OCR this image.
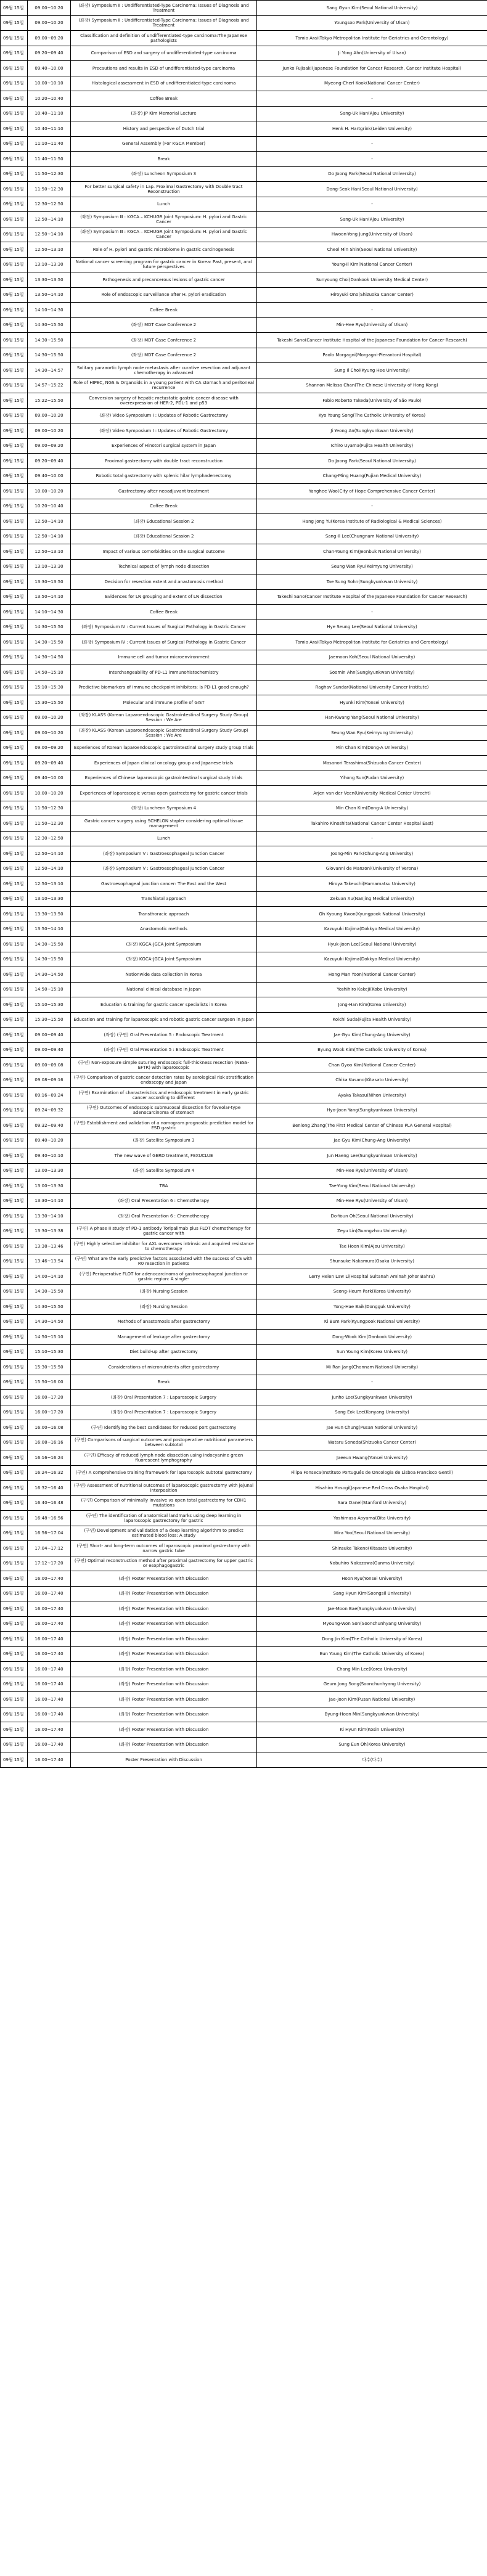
09월 15일	09:00~10:20	(좌장) Symposium Ⅱ : Undifferentiated-Type Carcinoma: Issues of Diagnosis and Treatment	Sang Gyun Kim(Seoul National University)
09월 15일	09:00~10:20	(좌장) Symposium Ⅱ : Undifferentiated-Type Carcinoma: Issues of Diagnosis and Treatment	Youngsoo Park(University of Ulsan)
09월 15일	09:00~09:20	Classification and definition of undifferentiated-type carcinoma:The Japanese pathologists	Tomio Arai(Tokyo Metropolitan Institute for Geriatrics and Gerontology)
09월 15일	09:20~09:40	Comparison of ESD and surgery of undifferentiated-type carcinoma	Ji Yong Ahn(University of Ulsan)
09월 15일	09:40~10:00	Precautions and results in ESD of undifferentiated-type carcinoma	Junko Fujisaki(Japanese Foundation for Cancer Research, Cancer Institute Hospital)
09월 15일	10:00~10:10	Histological assessment in ESD of undifferentiated-type carcinoma	Myeong-Cherl Kook(National Cancer Center)
09월 15일	10:20~10:40	Coffee Break	-
09월 15일	10:40~11:10	(좌장) JP Kim Memorial Lecture	Sang-Uk Han(Ajou University)
09월 15일	10:40~11:10	History and perspective of Dutch trial	Henk H. Hartgrink(Leiden University)
09월 15일	11:10~11:40	General Assembly (For KGCA Member)	-
09월 15일	11:40~11:50	Break	-
09월 15일	11:50~12:30	(좌장) Luncheon Symposium 3	Do Joong Park(Seoul National University)
09월 15일	11:50~12:30	For better surgical safety in Lap. Proximal Gastrectomy with Double tract Reconstruction	Dong-Seok Han(Seoul National University)
09월 15일	12:30~12:50	Lunch	-
09월 15일	12:50~14:10	(좌장) Symposium Ⅲ : KGCA – KCHUGR Joint Symposium: H. pylori and Gastric Cancer	Sang-Uk Han(Ajou University)
09월 15일	12:50~14:10	(좌장) Symposium Ⅲ : KGCA – KCHUGR Joint Symposium: H. pylori and Gastric Cancer	Hwoon-Yong Jung(University of Ulsan)
09월 15일	12:50~13:10	Role of H. pylori and gastric microbiome in gastric carcinogenesis	Cheol Min Shin(Seoul National University)
09월 15일	13:10~13:30	National cancer screening program for gastric cancer in Korea: Past, present, and future perspectives	Young-Il Kim(National Cancer Center)
09월 15일	13:30~13:50	Pathogenesis and precancerous lesions of gastric cancer	Sunyoung Choi(Dankook University Medical Center)
09월 15일	13:50~14:10	Role of endoscopic surveillance after H. pylori eradication	Hiroyuki Ono(Shizuoka Cancer Center)
09월 15일	14:10~14:30	Coffee Break	-
09월 15일	14:30~15:50	(좌장) MDT Case Conference 2	Min-Hee Ryu(University of Ulsan)
09월 15일	14:30~15:50	(좌장) MDT Case Conference 2	Takeshi Sano(Cancer Institute Hospital of the Japanese Foundation for Cancer Research)
09월 15일	14:30~15:50	(좌장) MDT Case Conference 2	Paolo Morgagni(Morgagni-Pierantoni Hospital)
09월 15일	14:30~14:57	Solitary paraaortic lymph node metastasis after curative resection and adjuvant chemotherapy in advanced	Sung Il Choi(Kyung Hee University)
09월 15일	14:57~15:22	Role of HIPEC, NGS & Organoids in a young patient with CA stomach and peritoneal recurrence	Shannon Melissa Chan(The Chinese University of Hong Kong)
09월 15일	15:22~15:50	Conversion surgery of hepatic metastatic gastric cancer disease with overexpression of HER-2, PDL-1 and p53	Fabio Roberto Takeda(University of São Paulo)
09월 15일	09:00~10:20	(좌장) Video Symposium Ⅰ : Updates of Robotic Gastrectomy	Kyo Young Song(The Catholic University of Korea)
09월 15일	09:00~10:20	(좌장) Video Symposium Ⅰ : Updates of Robotic Gastrectomy	Ji Yeong An(Sungkyunkwan University)
09월 15일	09:00~09:20	Experiences of Hinotori surgical system in Japan	Ichiro Uyama(Fujita Health University)
09월 15일	09:20~09:40	Proximal gastrectomy with double tract reconstruction	Do Joong Park(Seoul National University)
09월 15일	09:40~10:00	Robotic total gastrectomy with splenic hilar lymphadenectomy	Chang-Ming Huang(Fujian Medical University)
09월 15일	10:00~10:20	Gastrectomy after neoadjuvant treatment	Yanghee Woo(City of Hope Comprehensive Cancer Center)
09월 15일	10:20~10:40	Coffee Break	-
09월 15일	12:50~14:10	(좌장) Educational Session 2	Hang Jong Yu(Korea Institute of Radiological & Medical Sciences)
09월 15일	12:50~14:10	(좌장) Educational Session 2	Sang-Il Lee(Chungnam National University)
09월 15일	12:50~13:10	Impact of various comorbidities on the surgical outcome	Chan-Young Kim(Jeonbuk National University)
09월 15일	13:10~13:30	Technical aspect of lymph node dissection	Seung Wan Ryu(Keimyung University)
09월 15일	13:30~13:50	Decision for resection extent and anastomosis method	Tae Sung Sohn(Sungkyunkwan University)
09월 15일	13:50~14:10	Evidences for LN grouping and extent of LN dissection	Takeshi Sano(Cancer Institute Hospital of the Japanese Foundation for Cancer Research)
09월 15일	14:10~14:30	Coffee Break	-
09월 15일	14:30~15:50	(좌장) Symposium Ⅳ : Current Issues of Surgical Pathology in Gastric Cancer	Hye Seung Lee(Seoul National University)
09월 15일	14:30~15:50	(좌장) Symposium Ⅳ : Current Issues of Surgical Pathology in Gastric Cancer	Tomio Arai(Tokyo Metropolitan Institute for Geriatrics and Gerontology)
09월 15일	14:30~14:50	Immune cell and tumor microenvironment	Jaemoon Koh(Seoul National University)
09월 15일	14:50~15:10	Interchangeability of PD-L1 immunohistochemistry	Soomin Ahn(Sungkyunkwan University)
09월 15일	15:10~15:30	Predictive biomarkers of immune checkpoint inhibitors: Is PD-L1 good enough?	Raghav Sundar(National University Cancer Institute)
09월 15일	15:30~15:50	Molecular and immune profile of GIST	Hyunki Kim(Yonsei University)
09월 15일	09:00~10:20	(좌장) KLASS (Korean Laparoendoscopic Gastrointestinal Surgery Study Group) Session : We Are	Han-Kwang Yang(Seoul National University)
09월 15일	09:00~10:20	(좌장) KLASS (Korean Laparoendoscopic Gastrointestinal Surgery Study Group) Session : We Are	Seung Wan Ryu(Keimyung University)
09월 15일	09:00~09:20	Experiences of Korean laparoendoscopic gastrointestinal surgery study group trials	Min Chan Kim(Dong-A University)
09월 15일	09:20~09:40	Experiences of Japan clinical oncology group and Japanese trials	Masanori Terashima(Shizuoka Cancer Center)
09월 15일	09:40~10:00	Experiences of Chinese laparoscopic gastrointestinal surgical study trials	Yihong Sun(Fudan University)
09월 15일	10:00~10:20	Experiences of laparoscopic versus open gastrectomy for gastric cancer trials	Arjen van der Veen(University Medical Center Utrecht)
09월 15일	11:50~12:30	(좌장) Luncheon Symposium 4	Min Chan Kim(Dong-A University)
09월 15일	11:50~12:30	Gastric cancer surgery using SCHELON stapler considering optimal tissue management	Takahiro Kinoshita(National Cancer Center Hospital East)
09월 15일	12:30~12:50	Lunch	-
09월 15일	12:50~14:10	(좌장) Symposium Ⅴ : Gastroesophageal Junction Cancer	Joong-Min Park(Chung-Ang University)
09월 15일	12:50~14:10	(좌장) Symposium Ⅴ : Gastroesophageal Junction Cancer	Giovanni de Manzoni(University of Verona)
09월 15일	12:50~13:10	Gastroesophageal junction cancer: The East and the West	Hiroya Takeuchi(Hamamatsu University)
09월 15일	13:10~13:30	Transhiatal approach	Zekuan Xu(Nanjing Medical University)
09월 15일	13:30~13:50	Transthoracic approach	Oh Kyoung Kwon(Kyungpook National University)
09월 15일	13:50~14:10	Anastomotic methods	Kazuyuki Kojima(Dokkyo Medical University)
09월 15일	14:30~15:50	(좌장) KGCA-JGCA Joint Symposium	Hyuk-Joon Lee(Seoul National University)
09월 15일	14:30~15:50	(좌장) KGCA-JGCA Joint Symposium	Kazuyuki Kojima(Dokkyo Medical University)
09월 15일	14:30~14:50	Nationwide data collection in Korea	Hong Man Yoon(National Cancer Center)
09월 15일	14:50~15:10	National clinical database in Japan	Yoshihiro Kakeji(Kobe University)
09월 15일	15:10~15:30	Education & training for gastric cancer specialists in Korea	Jong-Han Kim(Korea University)
09월 15일	15:30~15:50	Education and training for laparoscopic and robotic gastric cancer surgeon in Japan	Koichi Suda(Fujita Health University)
09월 15일	09:00~09:40	(좌장) (구연) Oral Presentation 5 : Endoscopic Treatment	Jae Gyu Kim(Chung-Ang University)
09월 15일	09:00~09:40	(좌장) (구연) Oral Presentation 5 : Endoscopic Treatment	Byung Wook Kim(The Catholic University of Korea)
09월 15일	09:00~09:08	(구연) Non-exposure simple suturing endoscopic full-thickness resection (NESS-EFTR) with laparoscopic	Chan Gyoo Kim(National Cancer Center)
09월 15일	09:08~09:16	(구연) Comparison of gastric cancer detection rates by serological risk stratification endoscopy and Japan	Chika Kusano(Kitasato University)
09월 15일	09:16~09:24	(구연) Examination of characteristics and endoscopic treatment in early gastric cancer according to different	Ayaka Takasu(Nihon University)
09월 15일	09:24~09:32	(구연) Outcomes of endoscopic submucosal dissection for foveolar-type adenocarcinoma of stomach	Hyo-Joon Yang(Sungkyunkwan University)
09월 15일	09:32~09:40	(구연) Establishment and validation of a nomogram prognostic prediction model for ESD gastric	Benlong Zhang(The First Medical Center of Chinese PLA General Hospital)
09월 15일	09:40~10:20	(좌장) Satellite Symposium 3	Jae Gyu Kim(Chung-Ang University)
09월 15일	09:40~10:10	The new wave of GERD treatment, FEXUCLUE	Jun Haeng Lee(Sungkyunkwan University)
09월 15일	13:00~13:30	(좌장) Satellite Symposium 4	Min-Hee Ryu(University of Ulsan)
09월 15일	13:00~13:30	TBA	Tae-Yong Kim(Seoul National University)
09월 15일	13:30~14:10	(좌장) Oral Presentation 6 : Chemotherapy	Min-Hee Ryu(University of Ulsan)
09월 15일	13:30~14:10	(좌장) Oral Presentation 6 : Chemotherapy	Do-Youn Oh(Seoul National University)
09월 15일	13:30~13:38	(구연) A phase II study of PD-1 antibody Toripalimab plus FLOT chemotherapy for gastric cancer with	Zeyu Lin(Guangzhou University)
09월 15일	13:38~13:46	(구연) Highly selective inhibitor for AXL overcomes intrinsic and acquired resistance to chemotherapy	Tae Hoon Kim(Ajou University)
09월 15일	13:46~13:54	(구연) What are the early predictive factors associated with the success of CS with R0 resection in patients	Shunsuke Nakamura(Osaka University)
09월 15일	14:00~14:10	(구연) Perioperative FLOT for adenocarcinoma of gastroesophageal junction or gastric region: A single-	Lerry Helen Law Li(Hospital Sultanah Aminah Johor Bahru)
09월 15일	14:30~15:50	(좌장) Nursing Session	Seong-Heum Park(Korea University)
09월 15일	14:30~15:50	(좌장) Nursing Session	Yong-Hae Baik(Dongguk University)
09월 15일	14:30~14:50	Methods of anastomosis after gastrectomy	Ki Bum Park(Kyungpook National University)
09월 15일	14:50~15:10	Management of leakage after gastrectomy	Dong-Wook Kim(Dankook University)
09월 15일	15:10~15:30	Diet build-up after gastrectomy	Sun Young Kim(Korea University)
09월 15일	15:30~15:50	Considerations of micronutrients after gastrectomy	Mi Ran Jang(Chonnam National University)
09월 15일	15:50~16:00	Break	-
09월 15일	16:00~17:20	(좌장) Oral Presentation 7 : Laparoscopic Surgery	Junho Lee(Sungkyunkwan University)
09월 15일	16:00~17:20	(좌장) Oral Presentation 7 : Laparoscopic Surgery	Sang Eok Lee(Konyang University)
09월 15일	16:00~16:08	(구연) Identifying the best candidates for reduced port gastrectomy	Jae Hun Chung(Pusan National University)
09월 15일	16:08~16:16	(구연) Comparisons of surgical outcomes and postoperative nutritional parameters between subtotal	Wataru Soneda(Shizuoka Cancer Center)
09월 15일	16:16~16:24	(구연) Efficacy of reduced lymph node dissection using indocyanine green fluorescent lymphography	Jaeeun Hwang(Yonsei University)
09월 15일	16:24~16:32	(구연) A comprehensive training framework for laparoscopic subtotal gastrectomy	Filipa Fonseca(Instituto Português de Oncologia de Lisboa Francisco Gentil)
09월 15일	16:32~16:40	(구연) Assessment of nutritional outcomes of laparoscopic gastrectomy with jejunal interposition	Hisahiro Hosogi(Japanese Red Cross Osaka Hospital)
09월 15일	16:40~16:48	(구연) Comparison of minimally invasive vs open total gastrectomy for CDH1 mutations	Sara Danel(Stanford University)
09월 15일	16:48~16:56	(구연) The identification of anatomical landmarks using deep learning in laparoscopic gastrectomy for gastric	Yoshimasa Aoyama(Oita University)
09월 15일	16:56~17:04	(구연) Development and validation of a deep learning algorithm to predict estimated blood loss: A study	Mira Yoo(Seoul National University)
09월 15일	17:04~17:12	(구연) Short- and long-term outcomes of laparoscopic proximal gastrectomy with narrow gastric tube	Shinsuke Takeno(Kitasato University)
09월 15일	17:12~17:20	(구연) Optimal reconstruction method after proximal gastrectomy for upper gastric or esophagogastric	Nobuhiro Nakazawa(Gunma University)
09월 15일	16:00~17:40	(좌장) Poster Presentation with Discussion	Hoon Ryu(Yonsei University)
09월 15일	16:00~17:40	(좌장) Poster Presentation with Discussion	Sang Hyun Kim(Soongsil University)
09월 15일	16:00~17:40	(좌장) Poster Presentation with Discussion	Jae-Moon Bae(Sungkyunkwan University)
09월 15일	16:00~17:40	(좌장) Poster Presentation with Discussion	Myoung-Won Son(Soonchunhyang University)
09월 15일	16:00~17:40	(좌장) Poster Presentation with Discussion	Dong Jin Kim(The Catholic University of Korea)
09월 15일	16:00~17:40	(좌장) Poster Presentation with Discussion	Eun Young Kim(The Catholic University of Korea)
09월 15일	16:00~17:40	(좌장) Poster Presentation with Discussion	Chang Min Lee(Korea University)
09월 15일	16:00~17:40	(좌장) Poster Presentation with Discussion	Geum Jong Song(Soonchunhyang University)
09월 15일	16:00~17:40	(좌장) Poster Presentation with Discussion	Jae-Joon Kim(Pusan National University)
09월 15일	16:00~17:40	(좌장) Poster Presentation with Discussion	Byung-Hoon Min(Sungkyunkwan University)
09월 15일	16:00~17:40	(좌장) Poster Presentation with Discussion	Ki Hyun Kim(Kosin University)
09월 15일	16:00~17:40	(좌장) Poster Presentation with Discussion	Sung Eun Oh(Korea University)
09월 15일	16:00~17:40	Poster Presentation with Discussion	다수(다수)
